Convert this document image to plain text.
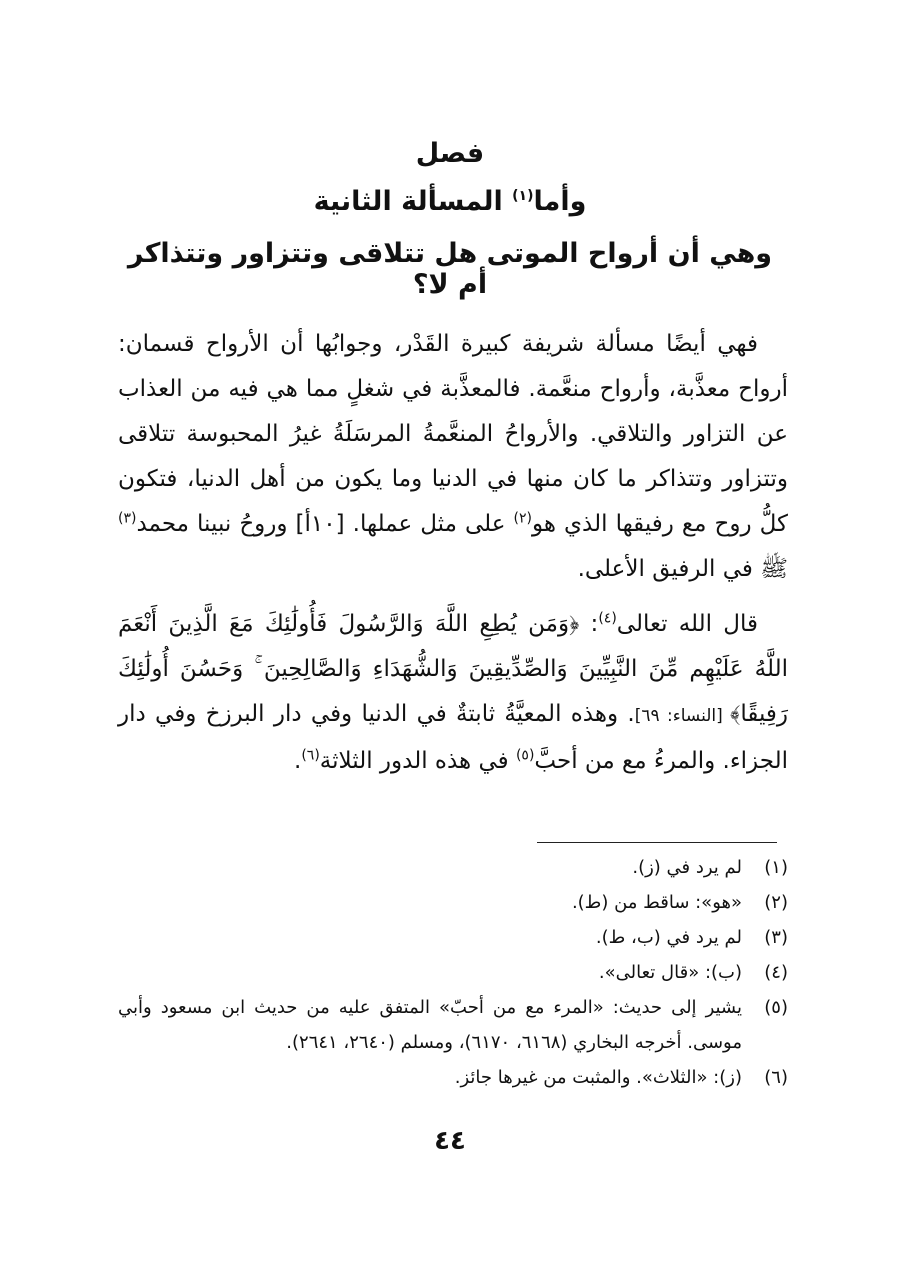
فصل
وأما$^{(١)}$ المسألة الثانية
وهي أن أرواح الموتى هل تتلاقى وتتزاور وتتذاكر أم لا؟

فهي أيضًا مسألة شريفة كبيرة القَدْر، وجوابُها أن الأرواح قسمان: أرواح معذَّبة، وأرواح منعَّمة. فالمعذَّبة في شغلٍ مما هي فيه من العذاب عن التزاور والتلاقي. والأرواحُ المنعَّمةُ المرسَلَةُ غيرُ المحبوسة تتلاقى وتتزاور وتتذاكر ما كان منها في الدنيا وما يكون من أهل الدنيا، فتكون كلُّ روح مع رفيقها الذي هو$^{(٢)}$ على مثل عملها. [١٠أ] وروحُ نبينا محمد$^{(٣)}$ ﷺ في الرفيق الأعلى.

قال الله تعالى$^{(٤)}$: ﴿وَمَن يُطِعِ اللَّهَ وَالرَّسُولَ فَأُولَٰئِكَ مَعَ الَّذِينَ أَنْعَمَ اللَّهُ عَلَيْهِم مِّنَ النَّبِيِّينَ وَالصِّدِّيقِينَ وَالشُّهَدَاءِ وَالصَّالِحِينَ ۚ وَحَسُنَ أُولَٰئِكَ رَفِيقًا﴾ [النساء: ٦٩]. وهذه المعيَّةُ ثابتةٌ في الدنيا وفي دار البرزخ وفي دار الجزاء. والمرءُ مع من أحبَّ$^{(٥)}$ في هذه الدور الثلاثة$^{(٦)}$.

(١)
لم يرد في (ز).
(٢)
«هو»: ساقط من (ط).
(٣)
لم يرد في (ب، ط).
(٤)
(ب): «قال تعالى».
(٥)
يشير إلى حديث: «المرء مع من أحبّ» المتفق عليه من حديث ابن مسعود وأبي موسى. أخرجه البخاري (٦١٦٨، ٦١٧٠)، ومسلم (٢٦٤٠، ٢٦٤١).
(٦)
(ز): «الثلاث». والمثبت من غيرها جائز.
٤٤
